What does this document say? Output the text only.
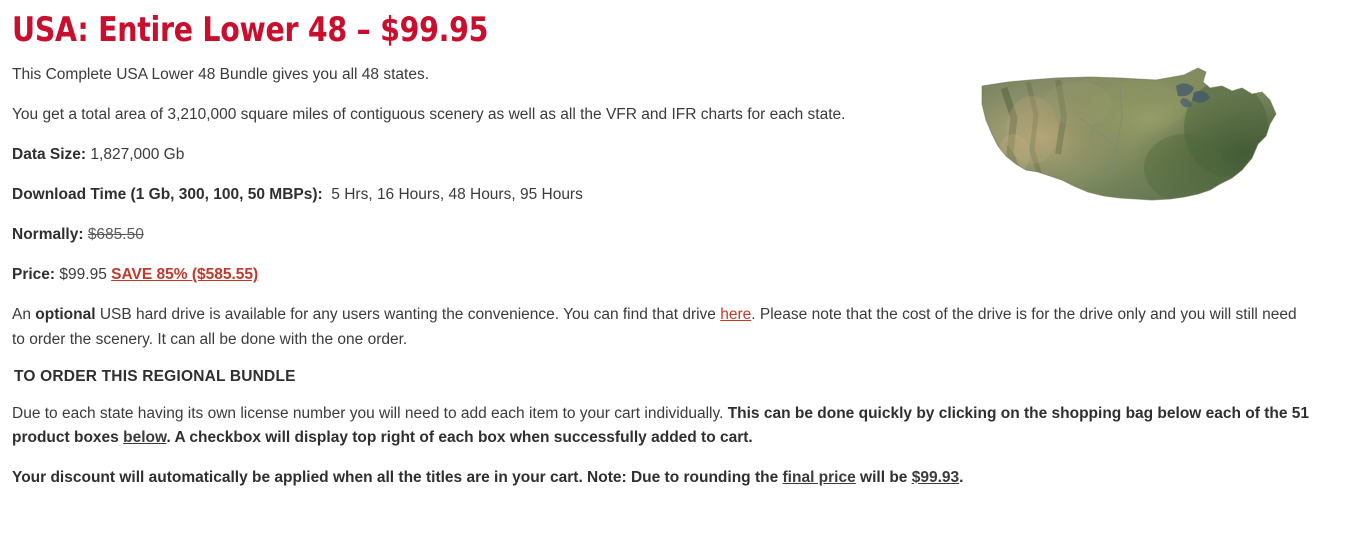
USA: Entire Lower 48 – $99.95

This Complete USA Lower 48 Bundle gives you all 48 states.

You get a total area of 3,210,000 square miles of contiguous scenery as well as all the VFR and IFR charts for each state.

Data Size: 1,827,000 Gb

Download Time (1 Gb, 300, 100, 50 MBPs): 5 Hrs, 16 Hours, 48 Hours, 95 Hours

Normally: $685.50

Price: $99.95 SAVE 85% ($585.55)

An optional USB hard drive is available for any users wanting the convenience. You can find that drive here. Please note that the cost of the drive is for the drive only and you will still need to order the scenery. It can all be done with the one order.

TO ORDER THIS REGIONAL BUNDLE

Due to each state having its own license number you will need to add each item to your cart individually. This can be done quickly by clicking on the shopping bag below each of the 51 product boxes below. A checkbox will display top right of each box when successfully added to cart.

Your discount will automatically be applied when all the titles are in your cart. Note: Due to rounding the final price will be $99.93.
